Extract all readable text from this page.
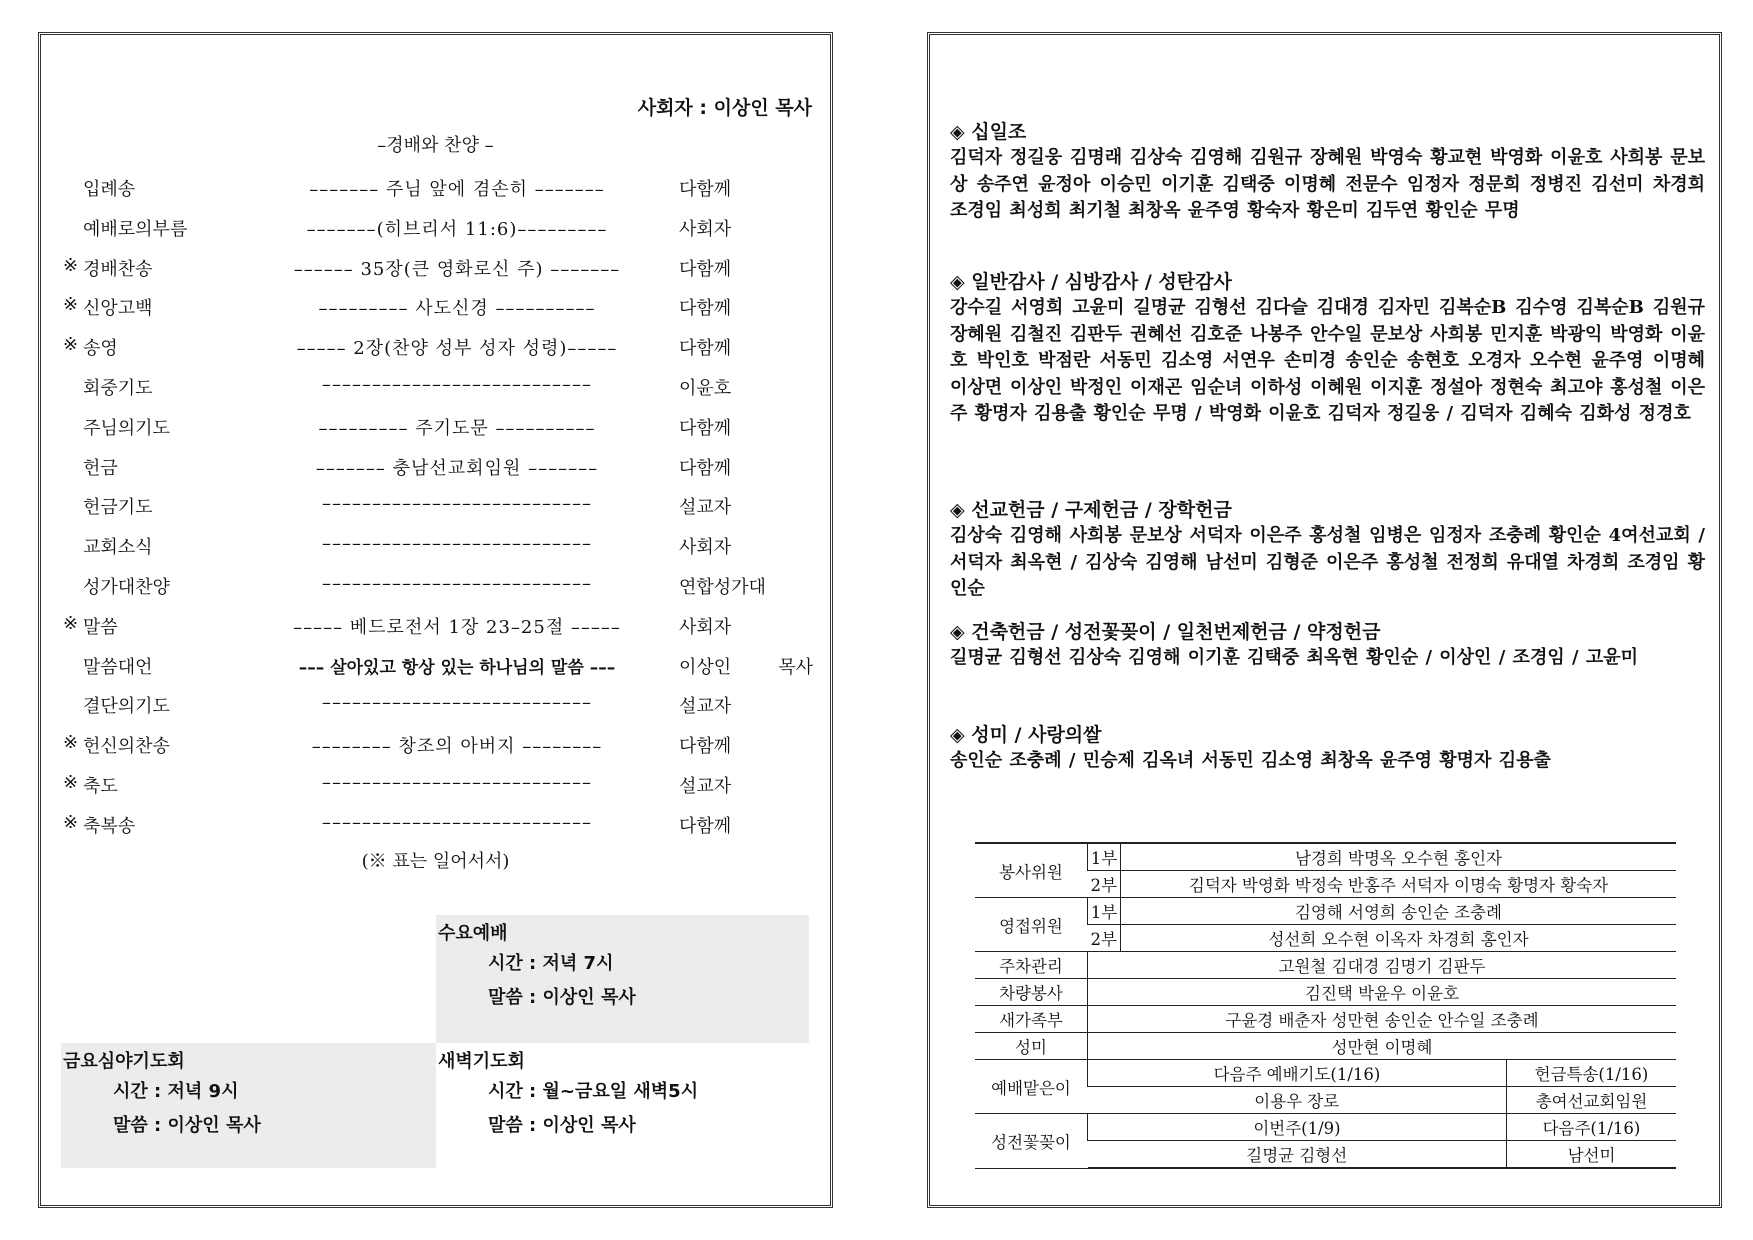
사회자 : 이상인 목사
–경배와 찬양 –
입례송	––––––– 주님 앞에 겸손히 –––––––	다함께
예배로의부름	–––––––(히브리서 11:6)–––––––––	사회자
※ 경배찬송	–––––– 35장(큰 영화로신 주) –––––––	다함께
※ 신앙고백	––––––––– 사도신경 ––––––––––	다함께
※ 송영	––––– 2장(찬양 성부 성자 성령)–––––	다함께
회중기도	–––––––––––––––––––––––––––	이윤호
주님의기도	––––––––– 주기도문 ––––––––––	다함께
헌금	––––––– 충남선교회임원 –––––––	다함께
헌금기도	–––––––––––––––––––––––––––	설교자
교회소식	–––––––––––––––––––––––––––	사회자
성가대찬양	–––––––––––––––––––––––––––	연합성가대
※ 말씀	––––– 베드로전서 1장 23–25절 –––––	사회자
말씀대언	––– 살아있고 항상 있는 하나님의 말씀 –––	이상인 목사
결단의기도	–––––––––––––––––––––––––––	설교자
※ 헌신의찬송	–––––––– 창조의 아버지 ––––––––	다함께
※ 축도	–––––––––––––––––––––––––––	설교자
※ 축복송	–––––––––––––––––––––––––––	다함께
(※ 표는 일어서서)
수요예배
시간 : 저녁 7시
말씀 : 이상인 목사
새벽기도회
시간 : 월~금요일 새벽5시
말씀 : 이상인 목사
금요심야기도회
시간 : 저녁 9시
말씀 : 이상인 목사
◈ 십일조
김덕자 정길웅 김명래 김상숙 김영해 김원규 장혜원 박영숙 황교현 박영화 이윤호 사희봉 문보상 송주연 윤정아 이승민 이기훈 김택중 이명혜 전문수 임정자 정문희 정병진 김선미 차경희 조경임 최성희 최기철 최창옥 윤주영 황숙자 황은미 김두연 황인순 무명
◈ 일반감사 / 심방감사 / 성탄감사
강수길 서영희 고윤미 길명균 김형선 김다슬 김대경 김자민 김복순B 김수영 김복순B 김원규 장혜원 김철진 김판두 권혜선 김호준 나봉주 안수일 문보상 사희봉 민지훈 박광익 박영화 이윤호 박인호 박점란 서동민 김소영 서연우 손미경 송인순 송현호 오경자 오수현 윤주영 이명혜 이상면 이상인 박정인 이재곤 임순녀 이하성 이혜원 이지훈 정설아 정현숙 최고야 홍성철 이은주 황명자 김용출 황인순 무명 / 박영화 이윤호 김덕자 정길웅 / 김덕자 김혜숙 김화성 정경호
◈ 선교헌금 / 구제헌금 / 장학헌금
김상숙 김영해 사희봉 문보상 서덕자 이은주 홍성철 임병은 임정자 조충례 황인순 4여선교회 / 서덕자 최옥현 / 김상숙 김영해 남선미 김형준 이은주 홍성철 전정희 유대열 차경희 조경임 황인순
◈ 건축헌금 / 성전꽃꽂이 / 일천번제헌금 / 약정헌금
길명균 김형선 김상숙 김영해 이기훈 김택중 최옥현 황인순 / 이상인 / 조경임 / 고윤미
◈ 성미 / 사랑의쌀
송인순 조충례 / 민승제 김옥녀 서동민 김소영 최창옥 윤주영 황명자 김용출
봉사위원	1부	남경희 박명옥 오수현 홍인자	
	2부	김덕자 박영화 박정숙 반홍주 서덕자 이명숙 황명자 황숙자	
영접위원	1부	김영해 서영희 송인순 조충례	
	2부	성선희 오수현 이옥자 차경희 홍인자	
주차관리	고원철 김대경 김명기 김판두		
차량봉사	김진택 박윤우 이윤호		
새가족부	구윤경 배춘자 성만현 송인순 안수일 조충례		
성미	성만현 이명혜		
예배맡은이	다음주 예배기도(1/16)		헌금특송(1/16)
	이용우 장로		총여선교회임원
성전꽃꽂이	이번주(1/9)		다음주(1/16)
	길명균 김형선		남선미
